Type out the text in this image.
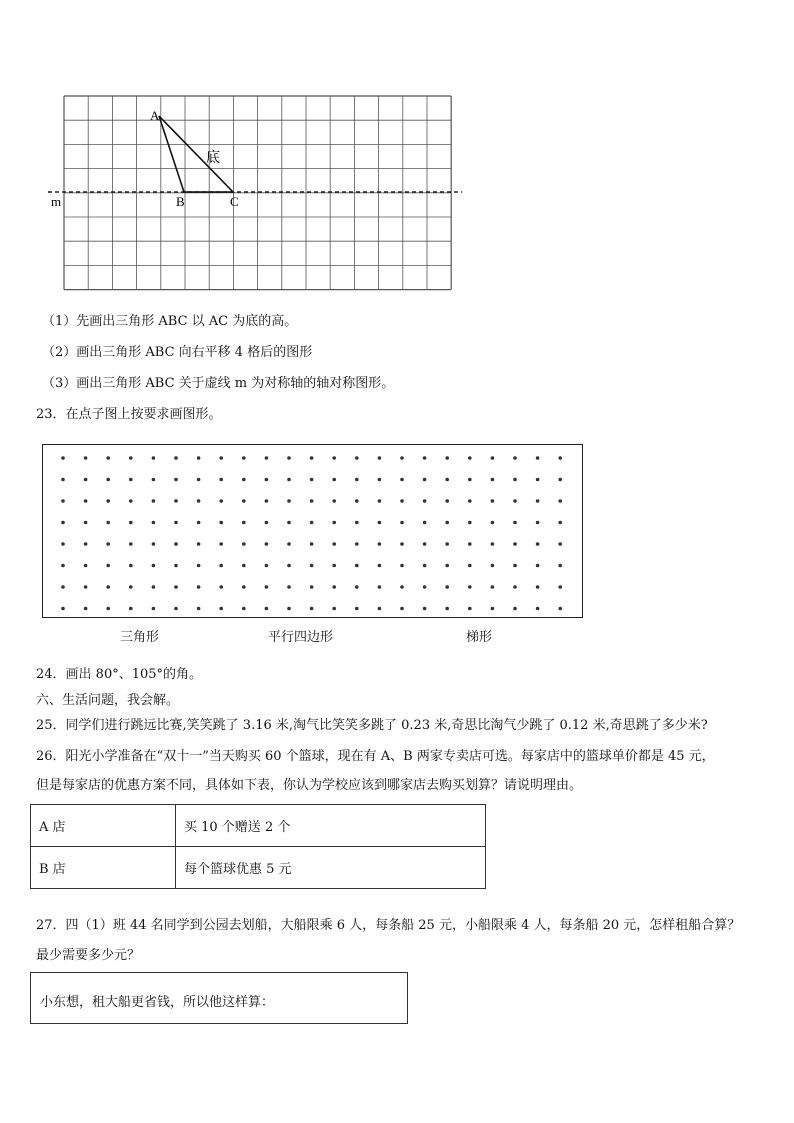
A
B	C
m
底
（1）先画出三角形 ABC 以 AC 为底的高。
（2）画出三角形 ABC 向右平移 4 格后的图形
（3）画出三角形 ABC 关于虚线 m 为对称轴的轴对称图形。
23．在点子图上按要求画图形。
三角形	平行四边形	梯形
24．画出 80°、105°的角。
六、生活问题，我会解。
25．同学们进行跳远比赛,笑笑跳了 3.16 米,淘气比笑笑多跳了 0.23 米,奇思比淘气少跳了 0.12 米,奇思跳了多少米?
26．阳光小学准备在“双十一”当天购买 60 个篮球，现在有 A、B 两家专卖店可选。每家店中的篮球单价都是 45 元，
但是每家店的优惠方案不同，具体如下表，你认为学校应该到哪家店去购买划算？请说明理由。
A 店	买 10 个赠送 2 个
B 店	每个篮球优惠 5 元
27．四（1）班 44 名同学到公园去划船，大船限乘 6 人，每条船 25 元，小船限乘 4 人，每条船 20 元，怎样租船合算？
最少需要多少元？
小东想，租大船更省钱，所以他这样算：
